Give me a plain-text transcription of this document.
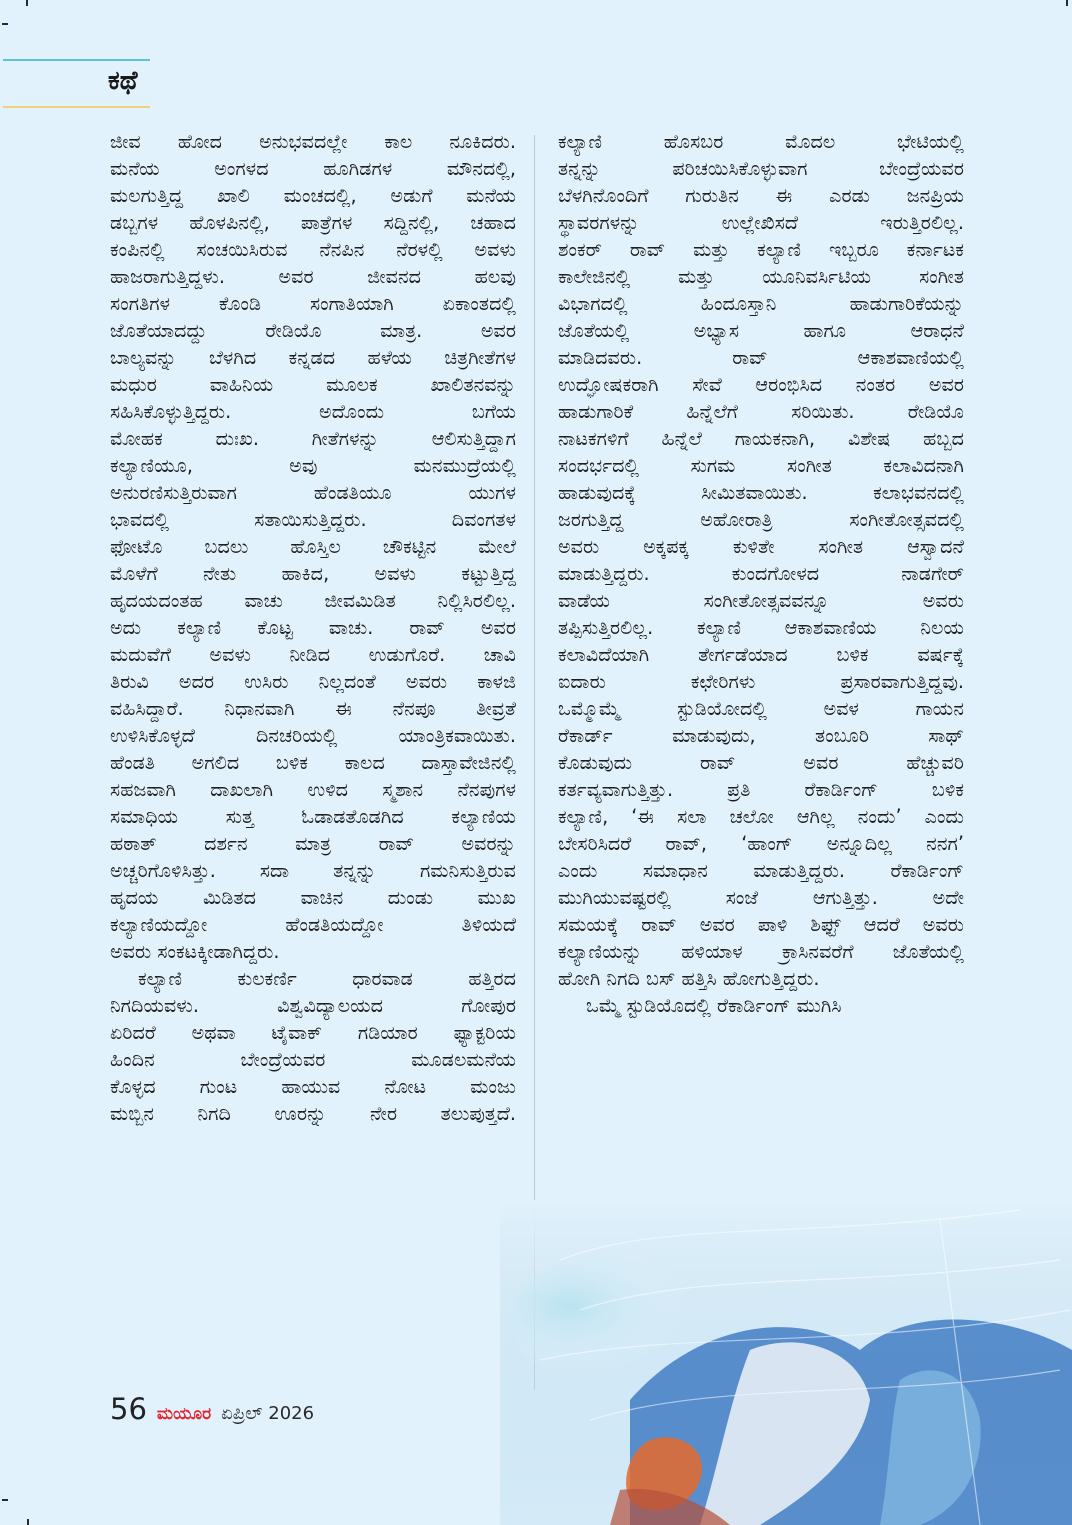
ಕಥೆ
ಜೀವ ಹೋದ ಅನುಭವದಲ್ಲೇ ಕಾಲ ನೂಕಿದರು.
ಮನೆಯ ಅಂಗಳದ ಹೂಗಿಡಗಳ ಮೌನದಲ್ಲಿ,
ಮಲಗುತ್ತಿದ್ದ ಖಾಲಿ ಮಂಚದಲ್ಲಿ, ಅಡುಗೆ ಮನೆಯ
ಡಬ್ಬಗಳ ಹೊಳಪಿನಲ್ಲಿ, ಪಾತ್ರೆಗಳ ಸದ್ದಿನಲ್ಲಿ, ಚಹಾದ
ಕಂಪಿನಲ್ಲಿ ಸಂಚಯಿಸಿರುವ ನೆನಪಿನ ನೆರಳಲ್ಲಿ ಅವಳು
ಹಾಜರಾಗುತ್ತಿದ್ದಳು. ಅವರ ಜೀವನದ ಹಲವು
ಸಂಗತಿಗಳ ಕೊಂಡಿ ಸಂಗಾತಿಯಾಗಿ ಏಕಾಂತದಲ್ಲಿ
ಜೊತೆಯಾದದ್ದು ರೇಡಿಯೊ ಮಾತ್ರ. ಅವರ
ಬಾಲ್ಯವನ್ನು ಬೆಳಗಿದ ಕನ್ನಡದ ಹಳೆಯ ಚಿತ್ರಗೀತೆಗಳ
ಮಧುರ ವಾಹಿನಿಯ ಮೂಲಕ ಖಾಲಿತನವನ್ನು
ಸಹಿಸಿಕೊಳ್ಳುತ್ತಿದ್ದರು. ಅದೊಂದು ಬಗೆಯ
ಮೋಹಕ ದುಃಖ. ಗೀತೆಗಳನ್ನು ಆಲಿಸುತ್ತಿದ್ದಾಗ
ಕಲ್ಯಾಣಿಯೂ, ಅವು ಮನಮುದ್ರೆಯಲ್ಲಿ
ಅನುರಣಿಸುತ್ತಿರುವಾಗ ಹೆಂಡತಿಯೂ ಯುಗಳ
ಭಾವದಲ್ಲಿ ಸತಾಯಿಸುತ್ತಿದ್ದರು. ದಿವಂಗತಳ
ಫೋಟೊ ಬದಲು ಹೊಸ್ತಿಲ ಚೌಕಟ್ಟಿನ ಮೇಲೆ
ಮೊಳೆಗೆ ನೇತು ಹಾಕಿದ, ಅವಳು ಕಟ್ಟುತ್ತಿದ್ದ
ಹೃದಯದಂತಹ ವಾಚು ಜೀವಮಿಡಿತ ನಿಲ್ಲಿಸಿರಲಿಲ್ಲ.
ಅದು ಕಲ್ಯಾಣಿ ಕೊಟ್ಟ ವಾಚು. ರಾವ್ ಅವರ
ಮದುವೆಗೆ ಅವಳು ನೀಡಿದ ಉಡುಗೊರೆ. ಚಾವಿ
ತಿರುವಿ ಅದರ ಉಸಿರು ನಿಲ್ಲದಂತೆ ಅವರು ಕಾಳಜಿ
ವಹಿಸಿದ್ದಾರೆ. ನಿಧಾನವಾಗಿ ಈ ನೆನಪೂ ತೀವ್ರತೆ
ಉಳಿಸಿಕೊಳ್ಳದೆ ದಿನಚರಿಯಲ್ಲಿ ಯಾಂತ್ರಿಕವಾಯಿತು.
ಹೆಂಡತಿ ಅಗಲಿದ ಬಳಿಕ ಕಾಲದ ದಾಸ್ತಾವೇಜಿನಲ್ಲಿ
ಸಹಜವಾಗಿ ದಾಖಲಾಗಿ ಉಳಿದ ಸ್ಮಶಾನ ನೆನಪುಗಳ
ಸಮಾಧಿಯ ಸುತ್ತ ಓಡಾಡತೊಡಗಿದ ಕಲ್ಯಾಣಿಯ
ಹಠಾತ್ ದರ್ಶನ ಮಾತ್ರ ರಾವ್ ಅವರನ್ನು
ಅಚ್ಚರಿಗೊಳಿಸಿತ್ತು. ಸದಾ ತನ್ನನ್ನು ಗಮನಿಸುತ್ತಿರುವ
ಹೃದಯ ಮಿಡಿತದ ವಾಚಿನ ದುಂಡು ಮುಖ
ಕಲ್ಯಾಣಿಯದ್ದೋ ಹೆಂಡತಿಯದ್ದೋ ತಿಳಿಯದೆ
ಅವರು ಸಂಕಟಕ್ಕೀಡಾಗಿದ್ದರು.
ಕಲ್ಯಾಣಿ ಕುಲಕರ್ಣಿ ಧಾರವಾಡ ಹತ್ತಿರದ
ನಿಗದಿಯವಳು. ವಿಶ್ವವಿದ್ಯಾಲಯದ ಗೋಪುರ
ಏರಿದರೆ ಅಥವಾ ಟೈವಾಕ್ ಗಡಿಯಾರ ಫ್ಯಾಕ್ಟರಿಯ
ಹಿಂದಿನ ಬೇಂದ್ರೆಯವರ ಮೂಡಲಮನೆಯ
ಕೊಳ್ಳದ ಗುಂಟ ಹಾಯುವ ನೋಟ ಮಂಜು
ಮಬ್ಬಿನ ನಿಗದಿ ಊರನ್ನು ನೇರ ತಲುಪುತ್ತದೆ.
ಕಲ್ಯಾಣಿ ಹೊಸಬರ ಮೊದಲ ಭೇಟಿಯಲ್ಲಿ
ತನ್ನನ್ನು ಪರಿಚಯಿಸಿಕೊಳ್ಳುವಾಗ ಬೇಂದ್ರೆಯವರ
ಬೆಳಗಿನೊಂದಿಗೆ ಗುರುತಿನ ಈ ಎರಡು ಜನಪ್ರಿಯ
ಸ್ಥಾವರಗಳನ್ನು ಉಲ್ಲೇಖಿಸದೆ ಇರುತ್ತಿರಲಿಲ್ಲ.
ಶಂಕರ್ ರಾವ್ ಮತ್ತು ಕಲ್ಯಾಣಿ ಇಬ್ಬರೂ ಕರ್ನಾಟಕ
ಕಾಲೇಜಿನಲ್ಲಿ ಮತ್ತು ಯೂನಿವರ್ಸಿಟಿಯ ಸಂಗೀತ
ವಿಭಾಗದಲ್ಲಿ ಹಿಂದೂಸ್ತಾನಿ ಹಾಡುಗಾರಿಕೆಯನ್ನು
ಜೊತೆಯಲ್ಲಿ ಅಭ್ಯಾಸ ಹಾಗೂ ಆರಾಧನೆ
ಮಾಡಿದವರು. ರಾವ್ ಆಕಾಶವಾಣಿಯಲ್ಲಿ
ಉದ್ಘೋಷಕರಾಗಿ ಸೇವೆ ಆರಂಭಿಸಿದ ನಂತರ ಅವರ
ಹಾಡುಗಾರಿಕೆ ಹಿನ್ನೆಲೆಗೆ ಸರಿಯಿತು. ರೇಡಿಯೊ
ನಾಟಕಗಳಿಗೆ ಹಿನ್ನೆಲೆ ಗಾಯಕನಾಗಿ, ವಿಶೇಷ ಹಬ್ಬದ
ಸಂದರ್ಭದಲ್ಲಿ ಸುಗಮ ಸಂಗೀತ ಕಲಾವಿದನಾಗಿ
ಹಾಡುವುದಕ್ಕೆ ಸೀಮಿತವಾಯಿತು. ಕಲಾಭವನದಲ್ಲಿ
ಜರಗುತ್ತಿದ್ದ ಅಹೋರಾತ್ರಿ ಸಂಗೀತೋತ್ಸವದಲ್ಲಿ
ಅವರು ಅಕ್ಕಪಕ್ಕ ಕುಳಿತೇ ಸಂಗೀತ ಆಸ್ವಾದನೆ
ಮಾಡುತ್ತಿದ್ದರು. ಕುಂದಗೋಳದ ನಾಡಗೇರ್
ವಾಡೆಯ ಸಂಗೀತೋತ್ಸವವನ್ನೂ ಅವರು
ತಪ್ಪಿಸುತ್ತಿರಲಿಲ್ಲ. ಕಲ್ಯಾಣಿ ಆಕಾಶವಾಣಿಯ ನಿಲಯ
ಕಲಾವಿದೆಯಾಗಿ ತೇರ್ಗಡೆಯಾದ ಬಳಿಕ ವರ್ಷಕ್ಕೆ
ಐದಾರು ಕಛೇರಿಗಳು ಪ್ರಸಾರವಾಗುತ್ತಿದ್ದವು.
ಒಮ್ಮೊಮ್ಮೆ ಸ್ಟುಡಿಯೋದಲ್ಲಿ ಅವಳ ಗಾಯನ
ರೆಕಾರ್ಡ್ ಮಾಡುವುದು, ತಂಬೂರಿ ಸಾಥ್
ಕೊಡುವುದು ರಾವ್ ಅವರ ಹೆಚ್ಚುವರಿ
ಕರ್ತವ್ಯವಾಗುತ್ತಿತ್ತು. ಪ್ರತಿ ರೆಕಾರ್ಡಿಂಗ್ ಬಳಿಕ
ಕಲ್ಯಾಣಿ, ‘ಈ ಸಲಾ ಚಲೋ ಆಗಿಲ್ಲ ನಂದು’ ಎಂದು
ಬೇಸರಿಸಿದರೆ ರಾವ್, ‘ಹಾಂಗ್ ಅನ್ನೂದಿಲ್ಲ ನನಗ’
ಎಂದು ಸಮಾಧಾನ ಮಾಡುತ್ತಿದ್ದರು. ರೆಕಾರ್ಡಿಂಗ್
ಮುಗಿಯುವಷ್ಟರಲ್ಲಿ ಸಂಜೆ ಆಗುತ್ತಿತ್ತು. ಅದೇ
ಸಮಯಕ್ಕೆ ರಾವ್ ಅವರ ಪಾಳಿ ಶಿಫ್ಟ್ ಆದರೆ ಅವರು
ಕಲ್ಯಾಣಿಯನ್ನು ಹಳಿಯಾಳ ಕ್ರಾಸಿನವರೆಗೆ ಜೊತೆಯಲ್ಲಿ
ಹೋಗಿ ನಿಗದಿ ಬಸ್ ಹತ್ತಿಸಿ ಹೋಗುತ್ತಿದ್ದರು.
ಒಮ್ಮೆ ಸ್ಟುಡಿಯೊದಲ್ಲಿ ರೆಕಾರ್ಡಿಂಗ್ ಮುಗಿಸಿ
56 ಮಯೂರ ಏಪ್ರಿಲ್ 2026
